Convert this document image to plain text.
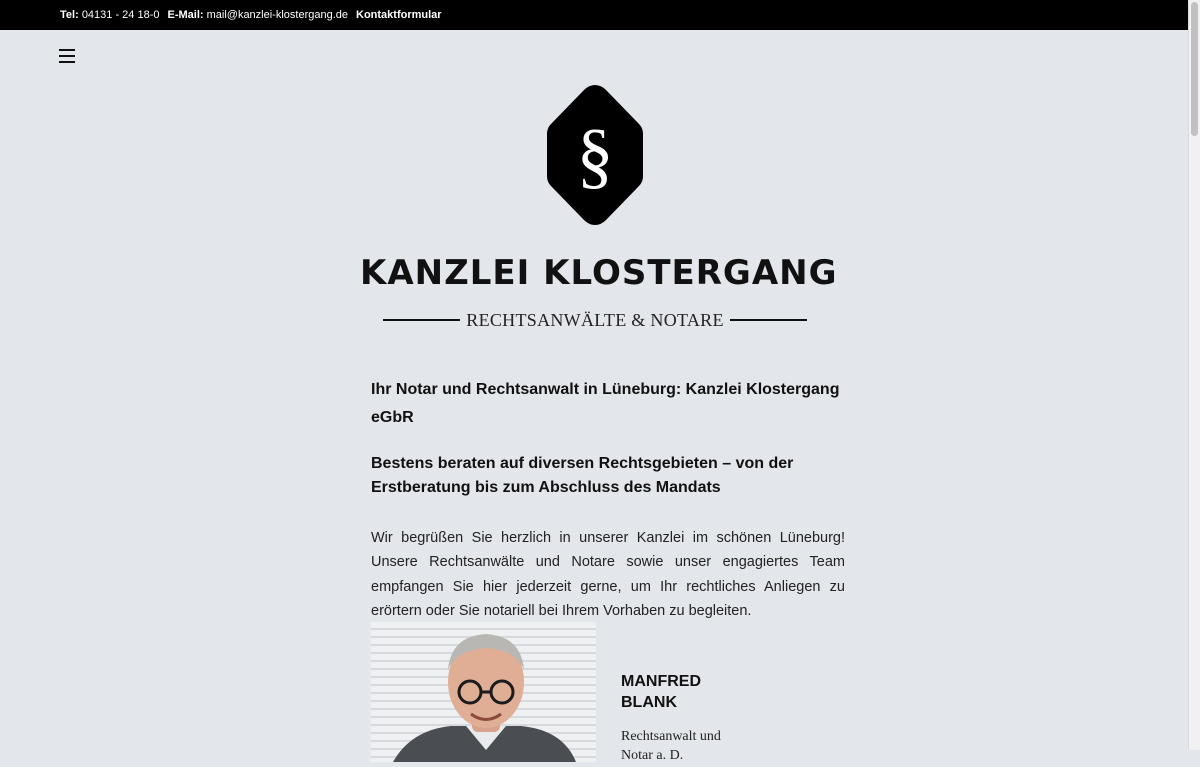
Tel: 04131 - 24 18-0 E-Mail: mail@kanzlei-klostergang.de Kontaktformular
§
KANZLEI KLOSTERGANG
RECHTSANWÄLTE & NOTARE
Ihr Notar und Rechtsanwalt in Lüneburg: Kanzlei Klostergang eGbR
Bestens beraten auf diversen Rechtsgebieten – von der Erstberatung bis zum Abschluss des Mandats

Wir begrüßen Sie herzlich in unserer Kanzlei im schönen Lüneburg! Unsere Rechtsanwälte und Notare sowie unser engagiertes Team empfangen Sie hier jederzeit gerne, um Ihr rechtliches Anliegen zu erörtern oder Sie notariell bei Ihrem Vorhaben zu begleiten.

MANFRED BLANK
Rechtsanwalt und Notar a. D.
